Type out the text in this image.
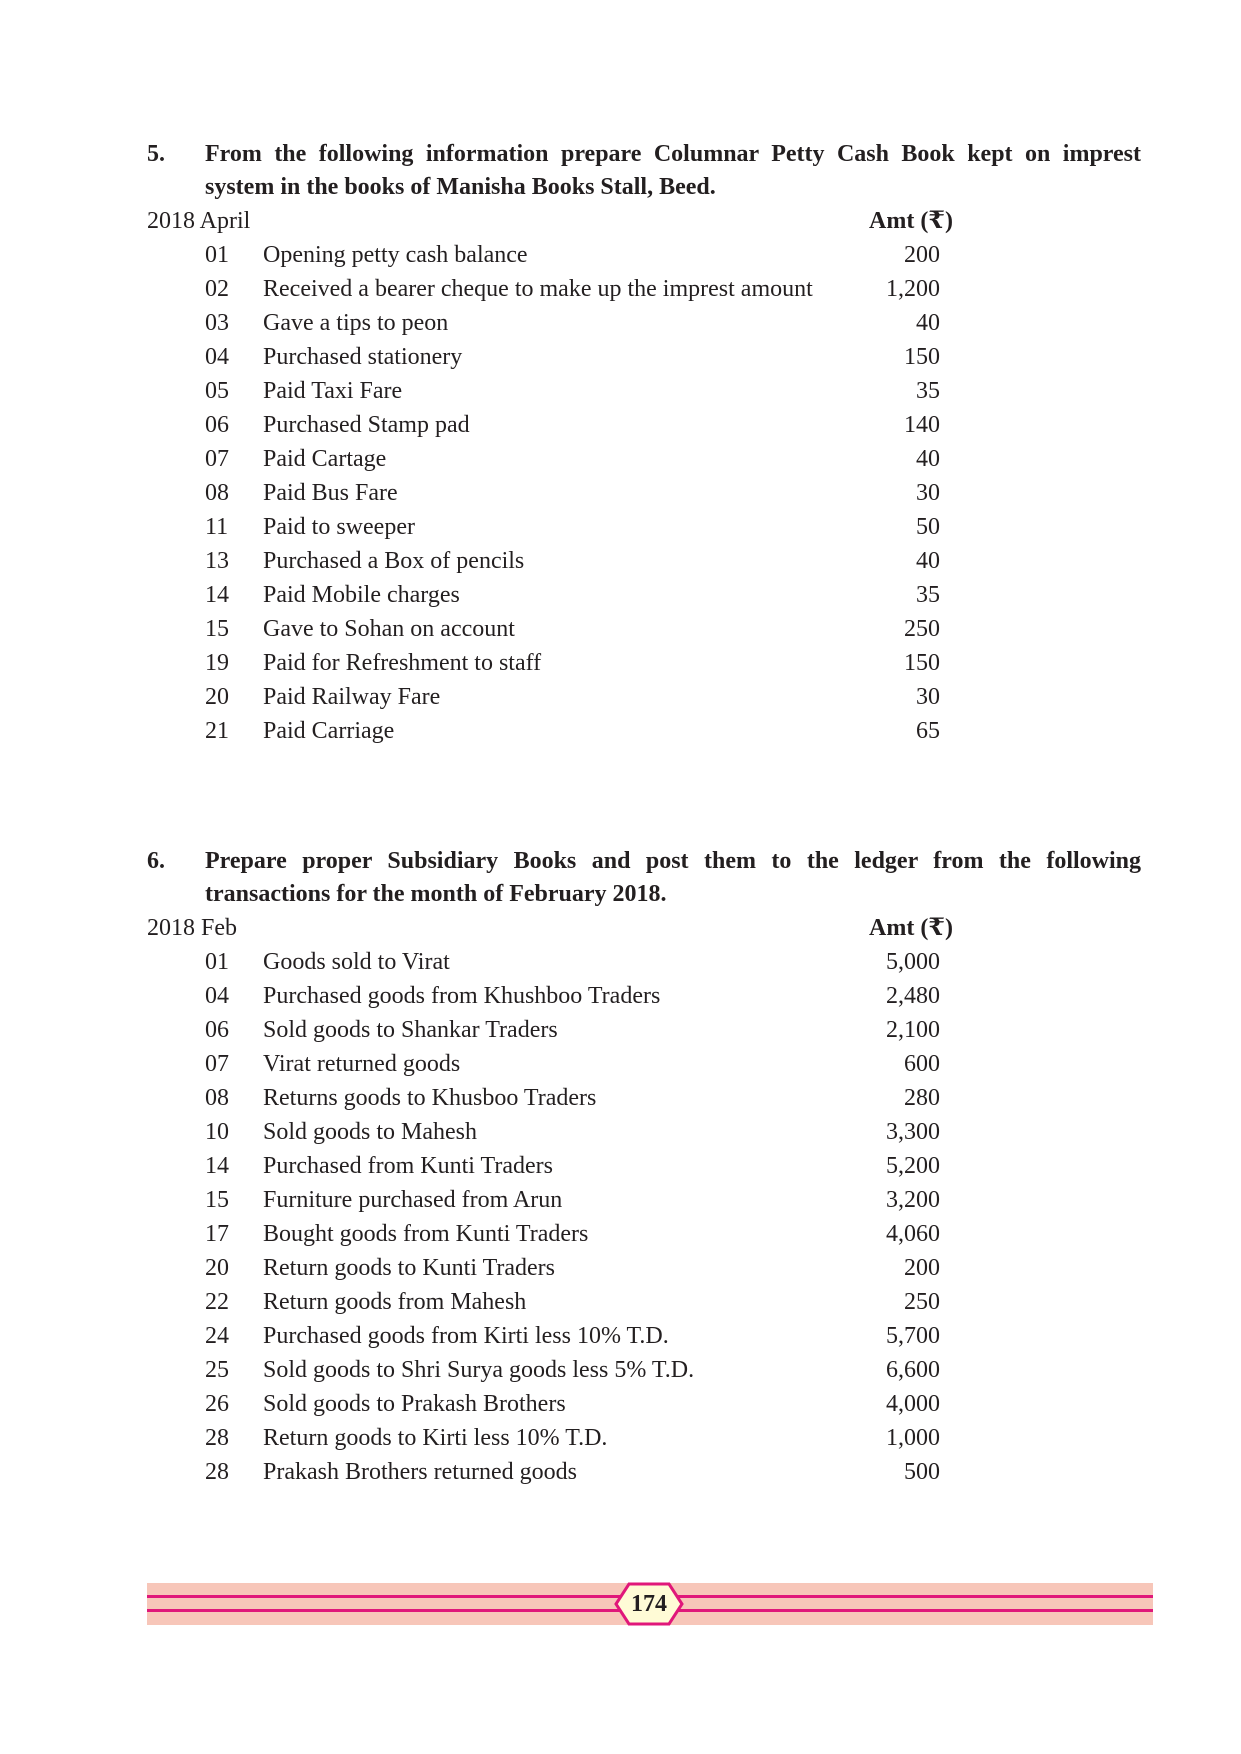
5. From the following information prepare Columnar Petty Cash Book kept on imprest system in the books of Manisha Books Stall, Beed.
2018 April	Amt (₹)
01 Opening petty cash balance	200
02 Received a bearer cheque to make up the imprest amount	1,200
03 Gave a tips to peon	40
04 Purchased stationery	150
05 Paid Taxi Fare	35
06 Purchased Stamp pad	140
07 Paid Cartage	40
08 Paid Bus Fare	30
11 Paid to sweeper	50
13 Purchased a Box of pencils	40
14 Paid Mobile charges	35
15 Gave to Sohan on account	250
19 Paid for Refreshment to staff	150
20 Paid Railway Fare	30
21 Paid Carriage	65
6. Prepare proper Subsidiary Books and post them to the ledger from the following transactions for the month of February 2018.
2018 Feb	Amt (₹)
01 Goods sold to Virat	5,000
04 Purchased goods from Khushboo Traders	2,480
06 Sold goods to Shankar Traders	2,100
07 Virat returned goods	600
08 Returns goods to Khusboo Traders	280
10 Sold goods to Mahesh	3,300
14 Purchased from Kunti Traders	5,200
15 Furniture purchased from Arun	3,200
17 Bought goods from Kunti Traders	4,060
20 Return goods to Kunti Traders	200
22 Return goods from Mahesh	250
24 Purchased goods from Kirti less 10% T.D.	5,700
25 Sold goods to Shri Surya goods less 5% T.D.	6,600
26 Sold goods to Prakash Brothers	4,000
28 Return goods to Kirti less 10% T.D.	1,000
28 Prakash Brothers returned goods	500
174
